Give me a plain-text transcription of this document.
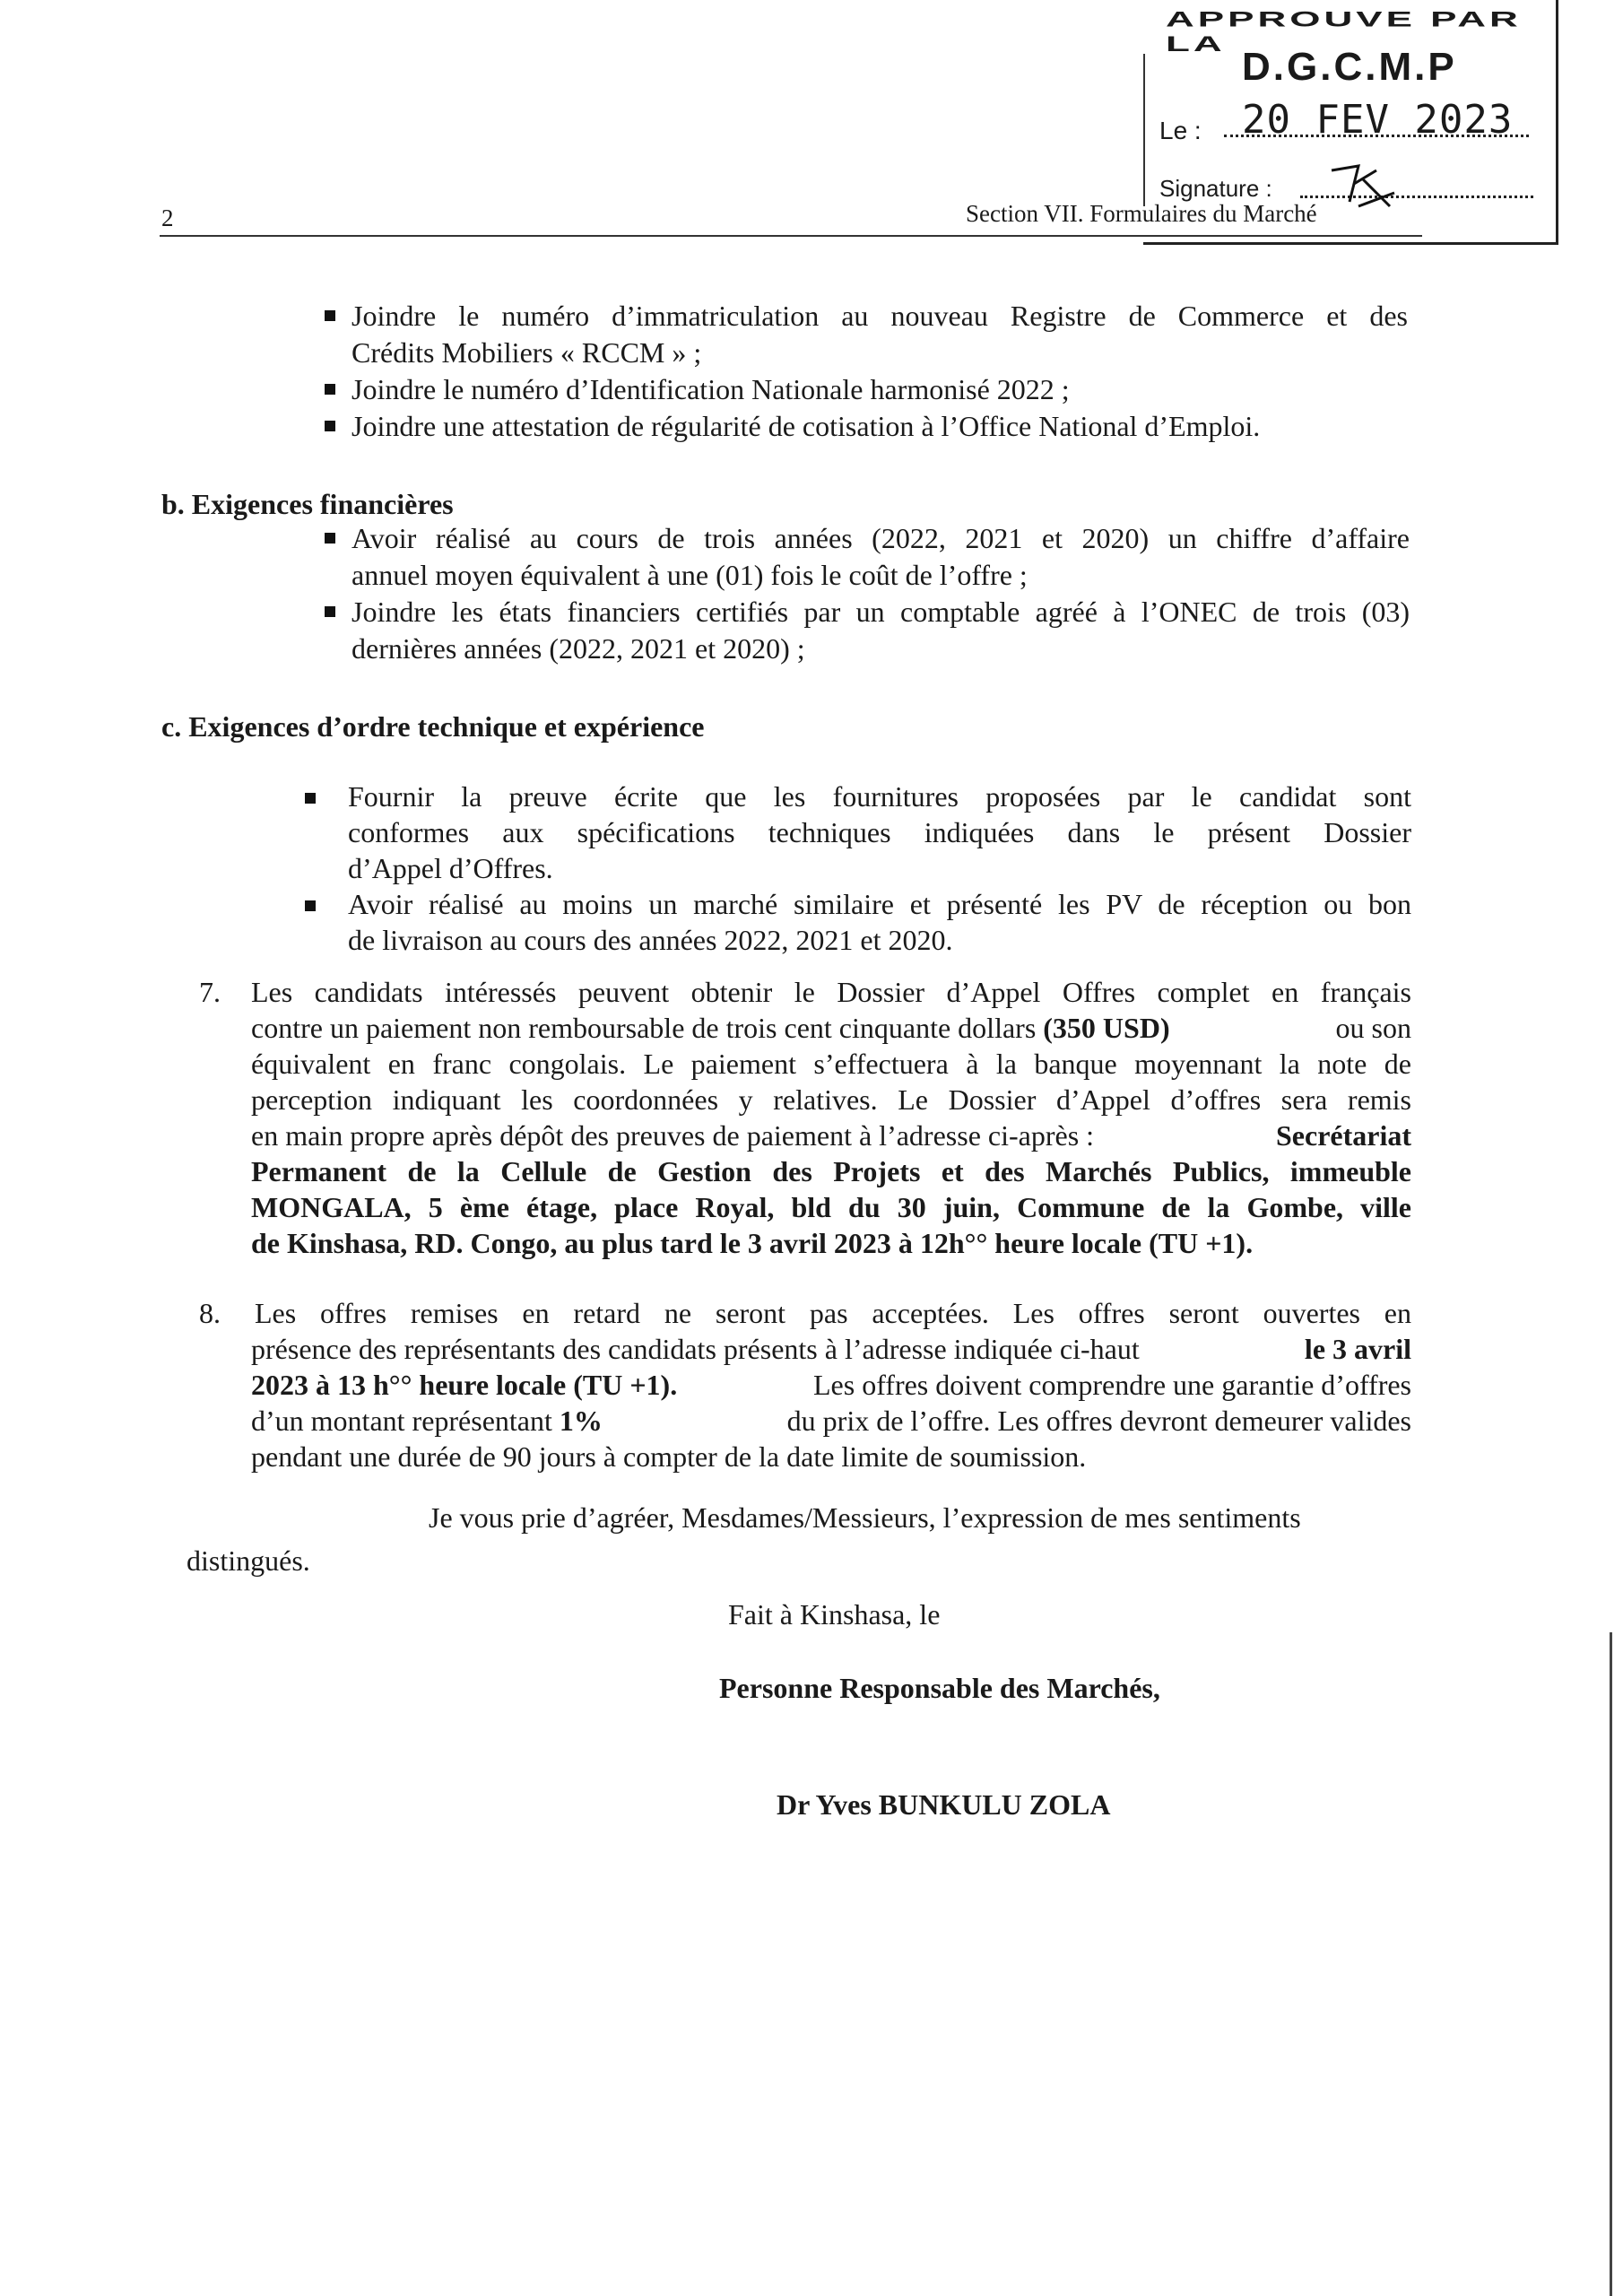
APPROUVE PAR LA
D.G.C.M.P
Le : 20 FEV 2023
Signature :
2	Section VII. Formulaires du Marché
Joindre le numéro d’immatriculation au nouveau Registre de Commerce et des
Crédits Mobiliers « RCCM » ;
Joindre le numéro d’Identification Nationale harmonisé 2022 ;
Joindre une attestation de régularité de cotisation à l’Office National d’Emploi.
b. Exigences financières
Avoir réalisé au cours de trois années (2022, 2021 et 2020) un chiffre d’affaire
annuel moyen équivalent à une (01) fois le coût de l’offre ;
Joindre les états financiers certifiés par un comptable agréé à l’ONEC de trois (03)
dernières années (2022, 2021 et 2020) ;
c. Exigences d’ordre technique et expérience
Fournir la preuve écrite que les fournitures proposées par le candidat sont
conformes aux spécifications techniques indiquées dans le présent Dossier
d’Appel d’Offres.
Avoir réalisé au moins un marché similaire et présenté les PV de réception ou bon
de livraison au cours des années 2022, 2021 et 2020.
7. Les candidats intéressés peuvent obtenir le Dossier d’Appel Offres complet en français
contre un paiement non remboursable de trois cent cinquante dollars (350 USD)	ou son
équivalent en franc congolais. Le paiement s’effectuera à la banque moyennant la note de
perception indiquant les coordonnées y relatives. Le Dossier d’Appel d’offres sera remis
en main propre après dépôt des preuves de paiement à l’adresse ci-après :	Secrétariat
Permanent de la Cellule de Gestion des Projets et des Marchés Publics, immeuble
MONGALA, 5 ème étage, place Royal, bld du 30 juin, Commune de la Gombe, ville
de Kinshasa, RD. Congo, au plus tard le 3 avril 2023 à 12h°° heure locale (TU +1).
8. Les offres remises en retard ne seront pas acceptées. Les offres seront ouvertes en
présence des représentants des candidats présents à l’adresse indiquée ci-haut	le 3 avril
2023 à 13 h°° heure locale (TU +1).	Les offres doivent comprendre une garantie d’offres
d’un montant représentant 1%	du prix de l’offre. Les offres devront demeurer valides
pendant une durée de 90 jours à compter de la date limite de soumission.
Je vous prie d’agréer, Mesdames/Messieurs, l’expression de mes sentiments
distingués.
Fait à Kinshasa, le
Personne Responsable des Marchés,
Dr Yves BUNKULU ZOLA
